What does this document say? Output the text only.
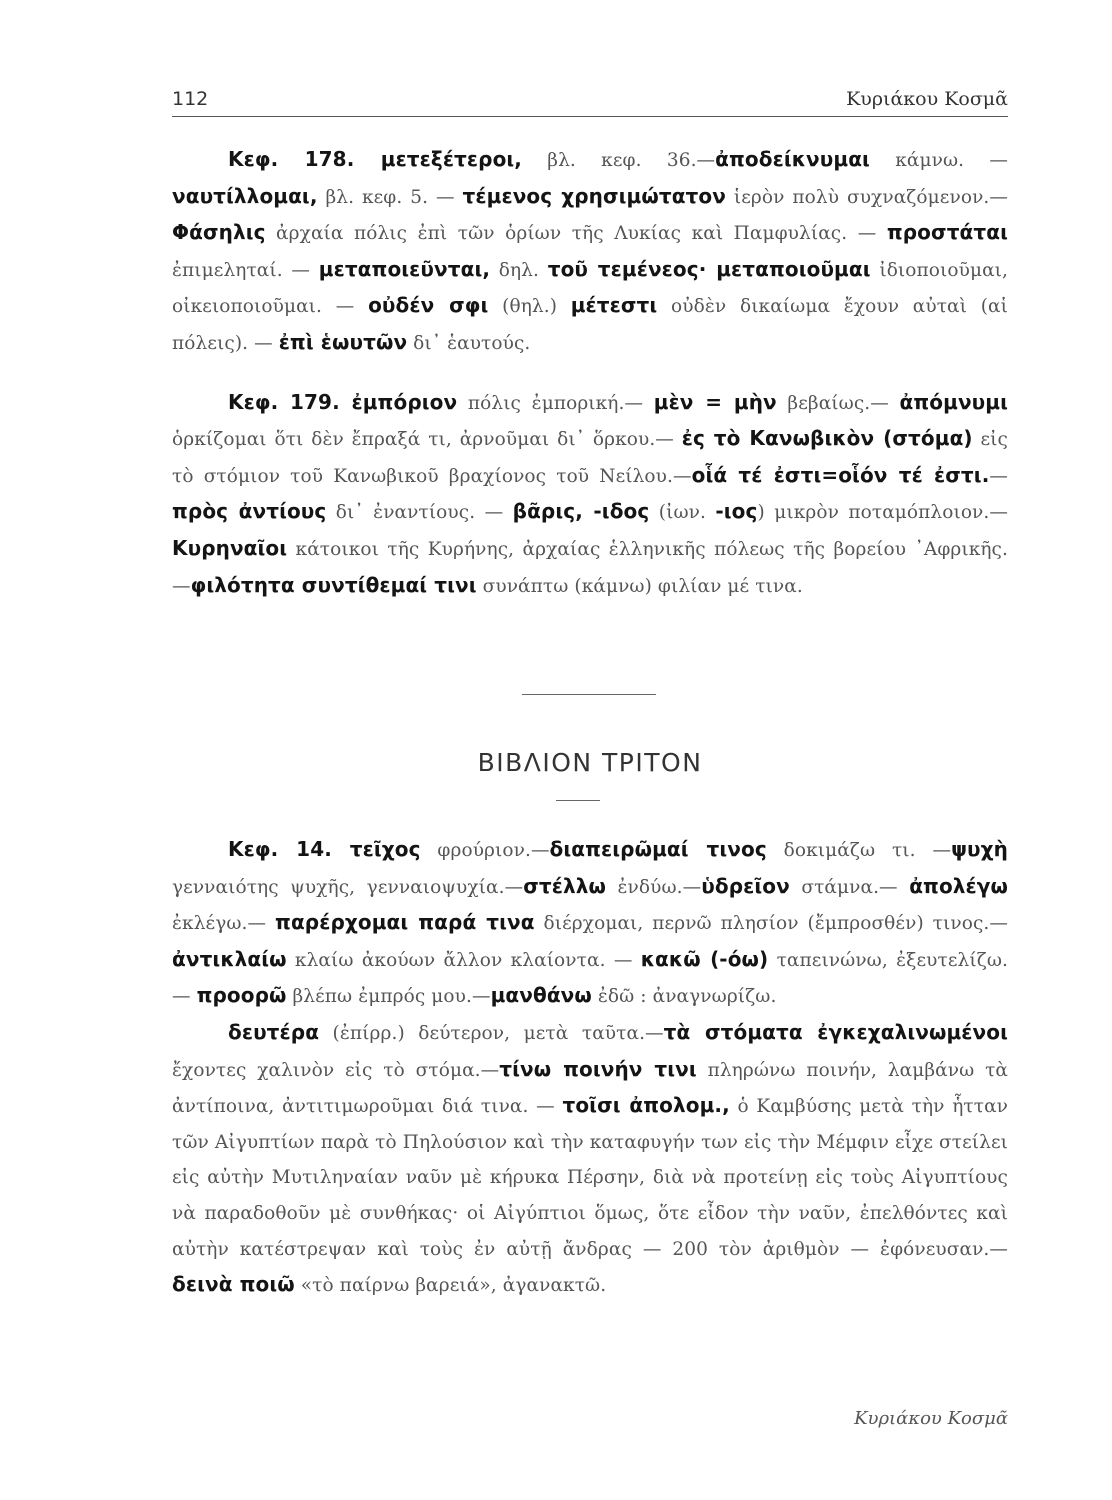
112	Κυριάκου Κοσμᾶ

Κεφ. 178. μετεξέτεροι, βλ. κεφ. 36.—ἀποδείκνυμαι κάμνω. —ναυτίλλομαι, βλ. κεφ. 5. — τέμενος χρησιμώτατον ἱερὸν πολὺ συχναζόμενον.—Φάσηλις ἀρχαία πόλις ἐπὶ τῶν ὁρίων τῆς Λυκίας καὶ Παμφυλίας. — προστάται ἐπιμεληταί. — μεταποιεῦνται, δηλ. τοῦ τεμένεος· μεταποιοῦμαι ἰδιοποιοῦμαι, οἰκειοποιοῦμαι. — οὐδέν σφι (θηλ.) μέτεστι οὐδὲν δικαίωμα ἔχουν αὐταὶ (αἱ πόλεις). — ἐπὶ ἑωυτῶν δι᾽ ἑαυτούς.

Κεφ. 179. ἐμπόριον πόλις ἐμπορική.— μὲν = μὴν βεβαίως.— ἀπόμνυμι ὁρκίζομαι ὅτι δὲν ἔπραξά τι, ἀρνοῦμαι δι᾽ ὅρκου.— ἐς τὸ Κανωβικὸν (στόμα) εἰς τὸ στόμιον τοῦ Κανωβικοῦ βραχίονος τοῦ Νείλου.—οἷά τέ ἐστι=οἷόν τέ ἐστι.—πρὸς ἀντίους δι᾽ ἐναντίους. — βᾶρις, -ιδος (ἰων. -ιος) μικρὸν ποταμόπλοιον.— Κυρηναῖοι κάτοικοι τῆς Κυρήνης, ἀρχαίας ἑλληνικῆς πόλεως τῆς βορείου ᾿Αφρικῆς. —φιλότητα συντίθεμαί τινι συνάπτω (κάμνω) φιλίαν μέ τινα.

ΒΙΒΛΙΟΝ ΤΡΙΤΟΝ

Κεφ. 14. τεῖχος φρούριον.—διαπειρῶμαί τινος δοκιμάζω τι. —ψυχὴ γενναιότης ψυχῆς, γενναιοψυχία.—στέλλω ἐνδύω.—ὑδρεῖον στάμνα.— ἀπολέγω ἐκλέγω.— παρέρχομαι παρά τινα διέρχομαι, περνῶ πλησίον (ἔμπροσθέν) τινος.— ἀντικλαίω κλαίω ἀκούων ἄλλον κλαίοντα. — κακῶ (-όω) ταπεινώνω, ἐξευτελίζω. — προορῶ βλέπω ἐμπρός μου.—μανθάνω ἐδῶ : ἀναγνωρίζω.

δευτέρα (ἐπίρρ.) δεύτερον, μετὰ ταῦτα.—τὰ στόματα ἐγκεχαλινωμένοι ἔχοντες χαλινὸν εἰς τὸ στόμα.—τίνω ποινήν τινι πληρώνω ποινήν, λαμβάνω τὰ ἀντίποινα, ἀντιτιμωροῦμαι διά τινα. — τοῖσι ἀπολομ., ὁ Καμβύσης μετὰ τὴν ἧτταν τῶν Αἰγυπτίων παρὰ τὸ Πηλούσιον καὶ τὴν καταφυγήν των εἰς τὴν Μέμφιν εἶχε στείλει εἰς αὐτὴν Μυτιληναίαν ναῦν μὲ κήρυκα Πέρσην, διὰ νὰ προτείνῃ εἰς τοὺς Αἰγυπτίους νὰ παραδοθοῦν μὲ συνθήκας· οἱ Αἰγύπτιοι ὅμως, ὅτε εἶδον τὴν ναῦν, ἐπελθόντες καὶ αὐτὴν κατέστρεψαν καὶ τοὺς ἐν αὐτῇ ἄνδρας — 200 τὸν ἀριθμὸν — ἐφόνευσαν.— δεινὰ ποιῶ «τὸ παίρνω βαρειά», ἀγανακτῶ.

Κυριάκου Κοσμᾶ
